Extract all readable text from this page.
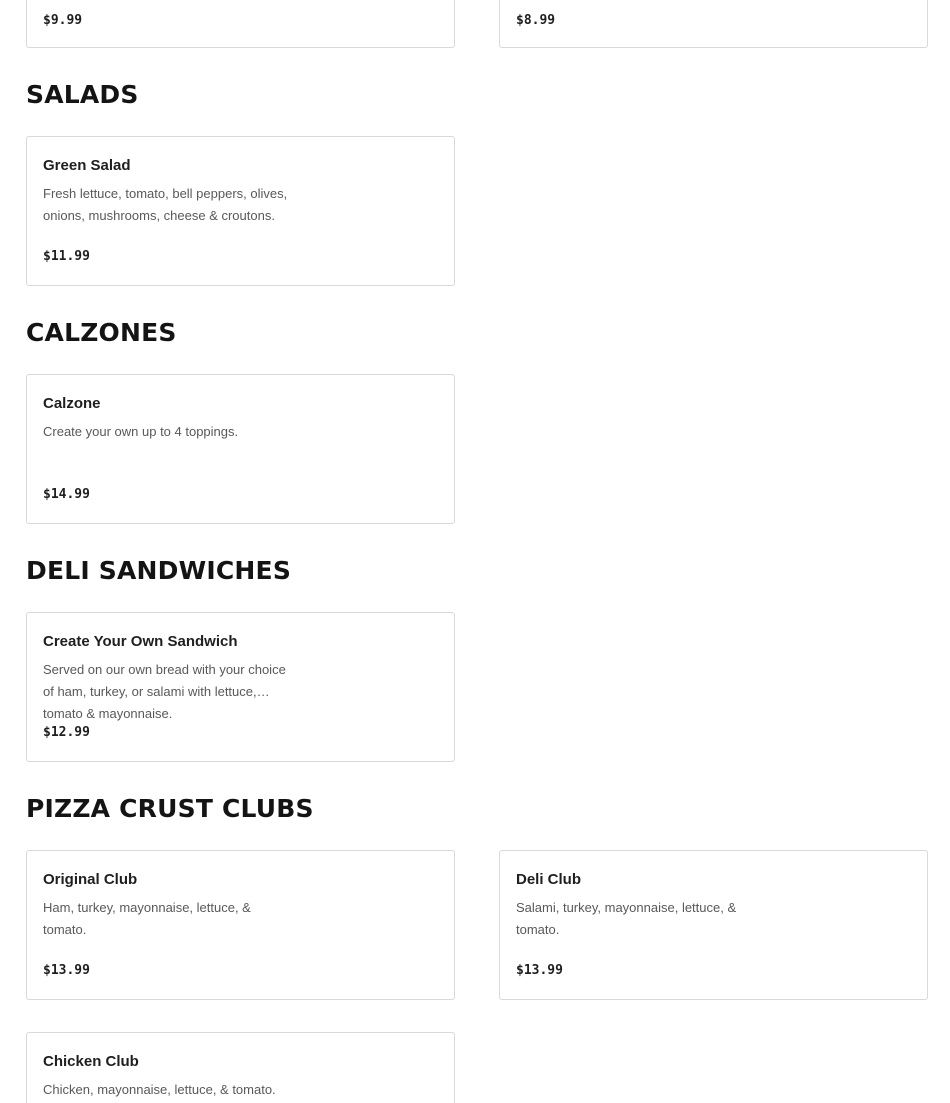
$9.99	$8.99
SALADS
Green Salad
Fresh lettuce, tomato, bell peppers, olives, onions, mushrooms, cheese & croutons.
$11.99
CALZONES
Calzone
Create your own up to 4 toppings.
$14.99
DELI SANDWICHES
Create Your Own Sandwich
Served on our own bread with your choice of ham, turkey, or salami with lettuce, tomato & mayonnaise.
$12.99
PIZZA CRUST CLUBS
Original Club
Ham, turkey, mayonnaise, lettuce, & tomato.
$13.99
Deli Club
Salami, turkey, mayonnaise, lettuce, & tomato.
$13.99
Chicken Club
Chicken, mayonnaise, lettuce, & tomato.
